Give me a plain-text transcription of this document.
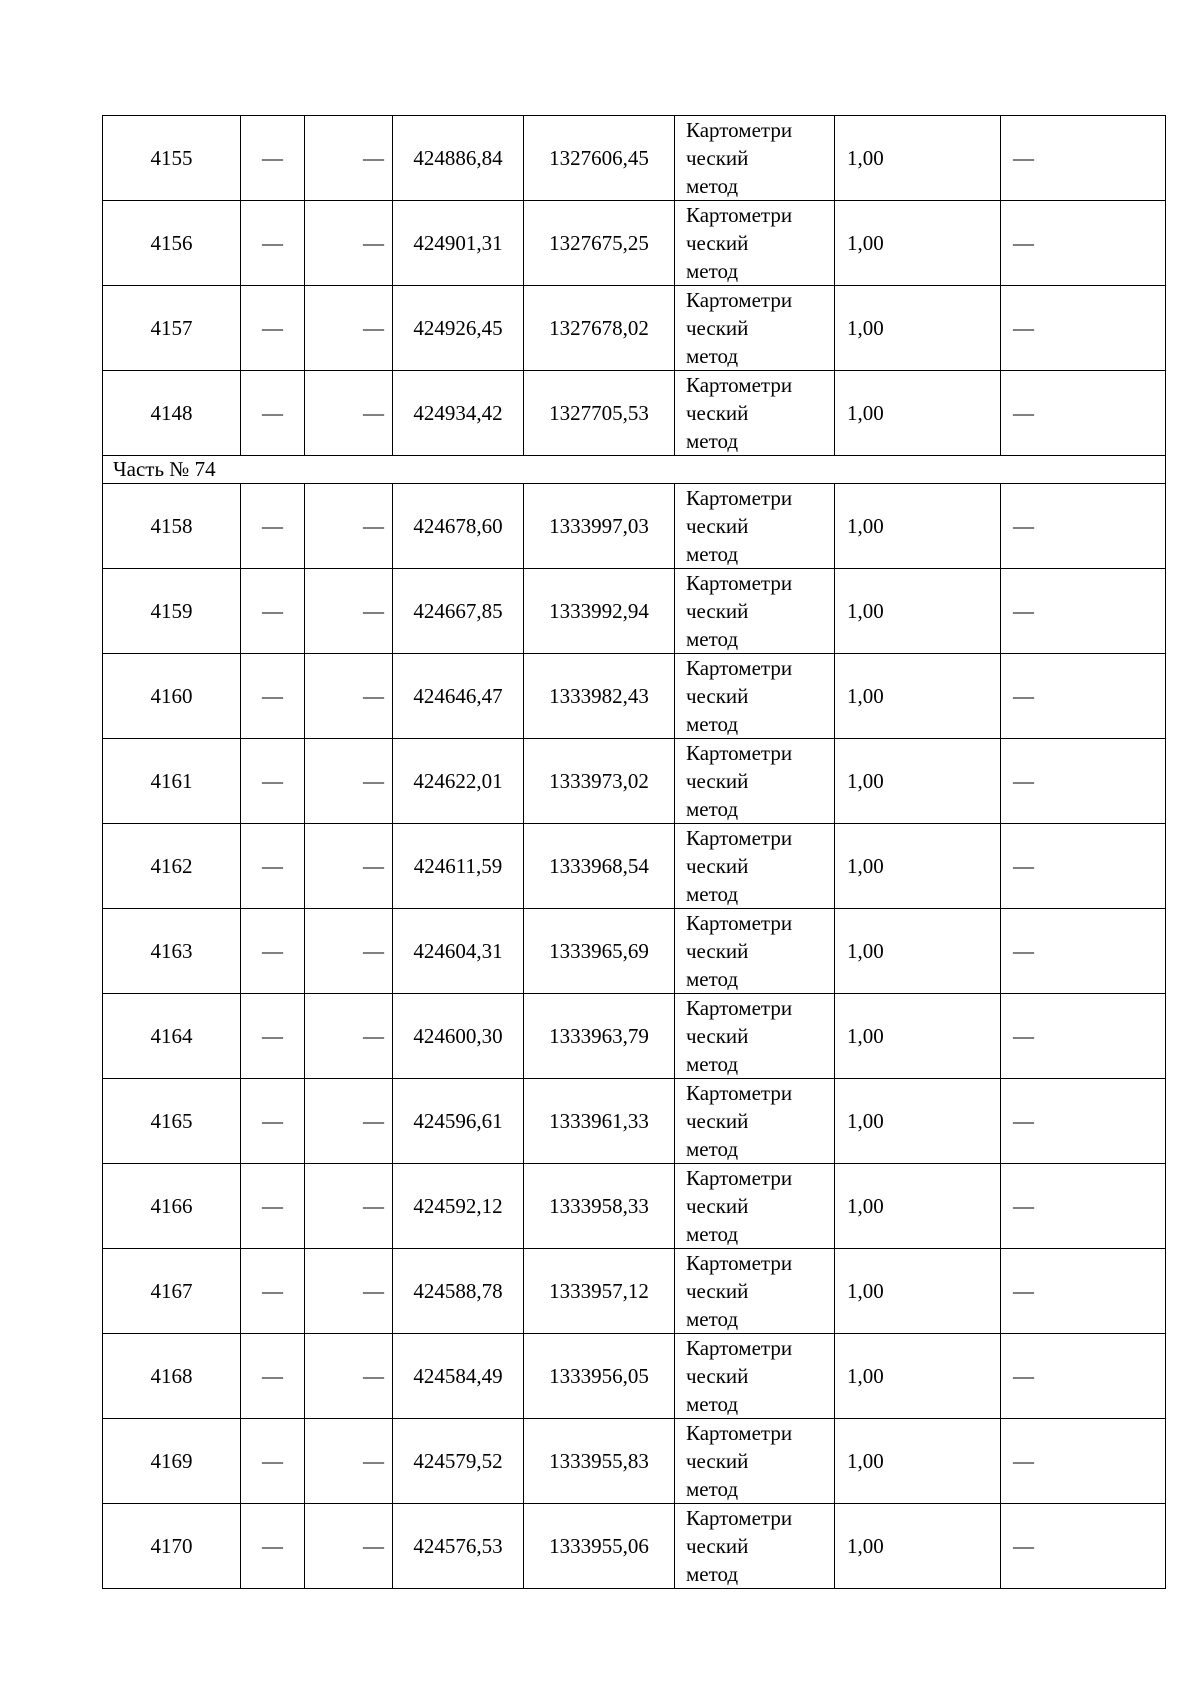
4155	—	—	424886,84	1327606,45	Картометри
ческий
метод	1,00	—
4156	—	—	424901,31	1327675,25	Картометри
ческий
метод	1,00	—
4157	—	—	424926,45	1327678,02	Картометри
ческий
метод	1,00	—
4148	—	—	424934,42	1327705,53	Картометри
ческий
метод	1,00	—
Часть № 74							
4158	—	—	424678,60	1333997,03	Картометри
ческий
метод	1,00	—
4159	—	—	424667,85	1333992,94	Картометри
ческий
метод	1,00	—
4160	—	—	424646,47	1333982,43	Картометри
ческий
метод	1,00	—
4161	—	—	424622,01	1333973,02	Картометри
ческий
метод	1,00	—
4162	—	—	424611,59	1333968,54	Картометри
ческий
метод	1,00	—
4163	—	—	424604,31	1333965,69	Картометри
ческий
метод	1,00	—
4164	—	—	424600,30	1333963,79	Картометри
ческий
метод	1,00	—
4165	—	—	424596,61	1333961,33	Картометри
ческий
метод	1,00	—
4166	—	—	424592,12	1333958,33	Картометри
ческий
метод	1,00	—
4167	—	—	424588,78	1333957,12	Картометри
ческий
метод	1,00	—
4168	—	—	424584,49	1333956,05	Картометри
ческий
метод	1,00	—
4169	—	—	424579,52	1333955,83	Картометри
ческий
метод	1,00	—
4170	—	—	424576,53	1333955,06	Картометри
ческий
метод	1,00	—
